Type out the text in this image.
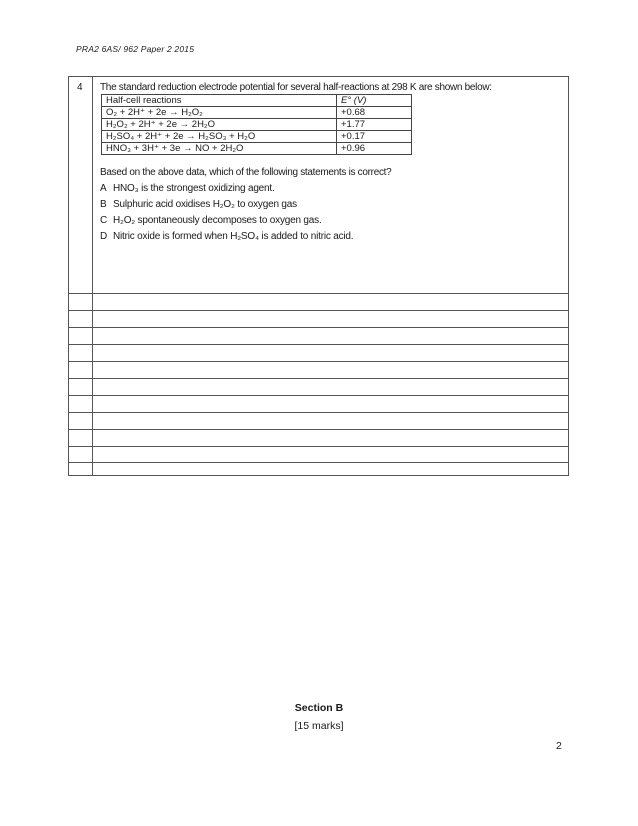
PRA2 6AS/ 962 Paper 2 2015
4 The standard reduction electrode potential for several half-reactions at 298 K are shown below:
Half-cell reactions	E° (V)
O₂ + 2H⁺ + 2e → H₂O₂	+0.68
H₂O₂ + 2H⁺ + 2e → 2H₂O	+1.77
H₂SO₄ + 2H⁺ + 2e → H₂SO₃ + H₂O	+0.17
HNO₃ + 3H⁺ + 3e → NO + 2H₂O	+0.96
Based on the above data, which of the following statements is correct?
A HNO₃ is the strongest oxidizing agent.
B Sulphuric acid oxidises H₂O₂ to oxygen gas
C H₂O₂ spontaneously decomposes to oxygen gas.
D Nitric oxide is formed when H₂SO₄ is added to nitric acid.
Section B
[15 marks]
2
